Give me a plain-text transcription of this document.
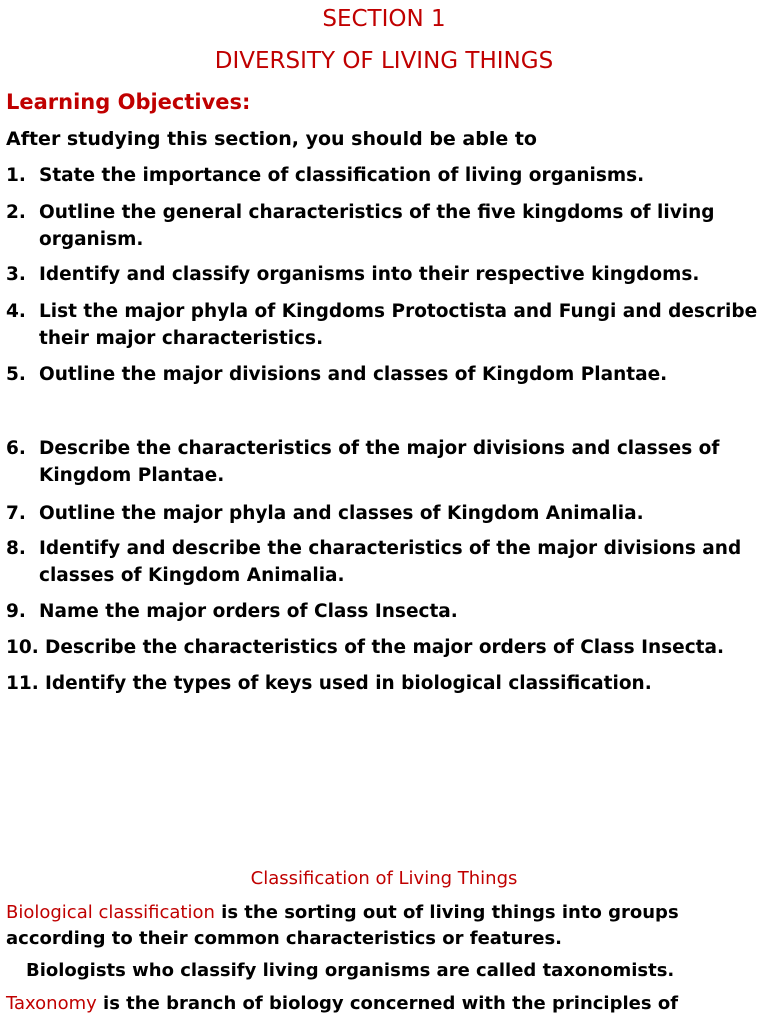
SECTION 1
DIVERSITY OF LIVING THINGS
Learning Objectives:
After studying this section, you should be able to
1. State the importance of classification of living organisms.
2. Outline the general characteristics of the five kingdoms of living
organism.
3. Identify and classify organisms into their respective kingdoms.
4. List the major phyla of Kingdoms Protoctista and Fungi and describe
their major characteristics.
5. Outline the major divisions and classes of Kingdom Plantae.
6. Describe the characteristics of the major divisions and classes of
Kingdom Plantae.
7. Outline the major phyla and classes of Kingdom Animalia.
8. Identify and describe the characteristics of the major divisions and
classes of Kingdom Animalia.
9. Name the major orders of Class Insecta.
10. Describe the characteristics of the major orders of Class Insecta.
11. Identify the types of keys used in biological classification.
Classification of Living Things
Biological classification is the sorting out of living things into groups
according to their common characteristics or features.
Biologists who classify living organisms are called taxonomists.
Taxonomy is the branch of biology concerned with the principles of
